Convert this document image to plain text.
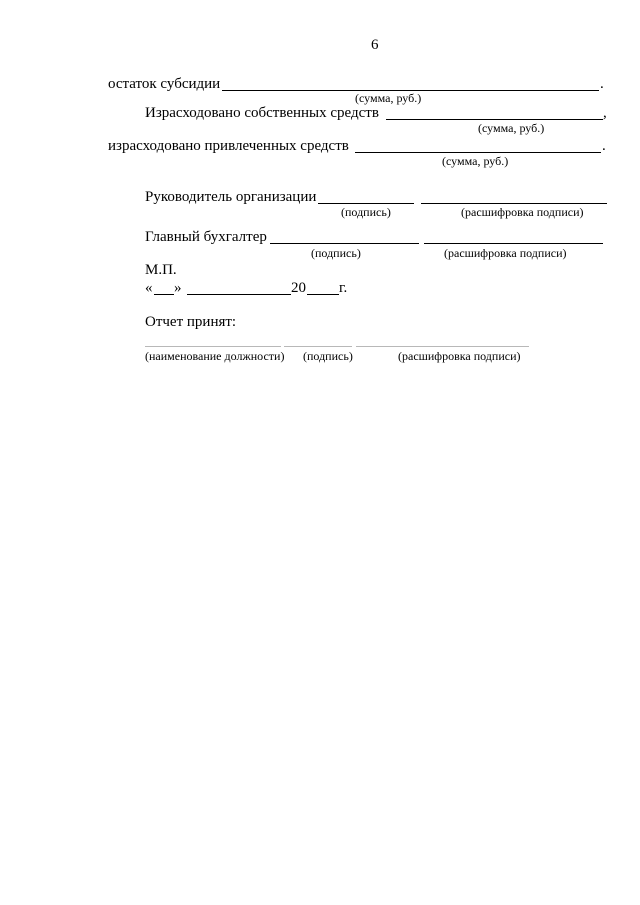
6
остаток субсидии	.
(сумма, руб.)
Израсходовано собственных средств	,
(сумма, руб.)
израсходовано привлеченных средств	.
(сумма, руб.)
Руководитель организации
(подпись)	(расшифровка подписи)
Главный бухгалтер
(подпись)	(расшифровка подписи)
М.П.
« »	20 г.
Отчет принят:
(наименование должности) (подпись)	(расшифровка подписи)
